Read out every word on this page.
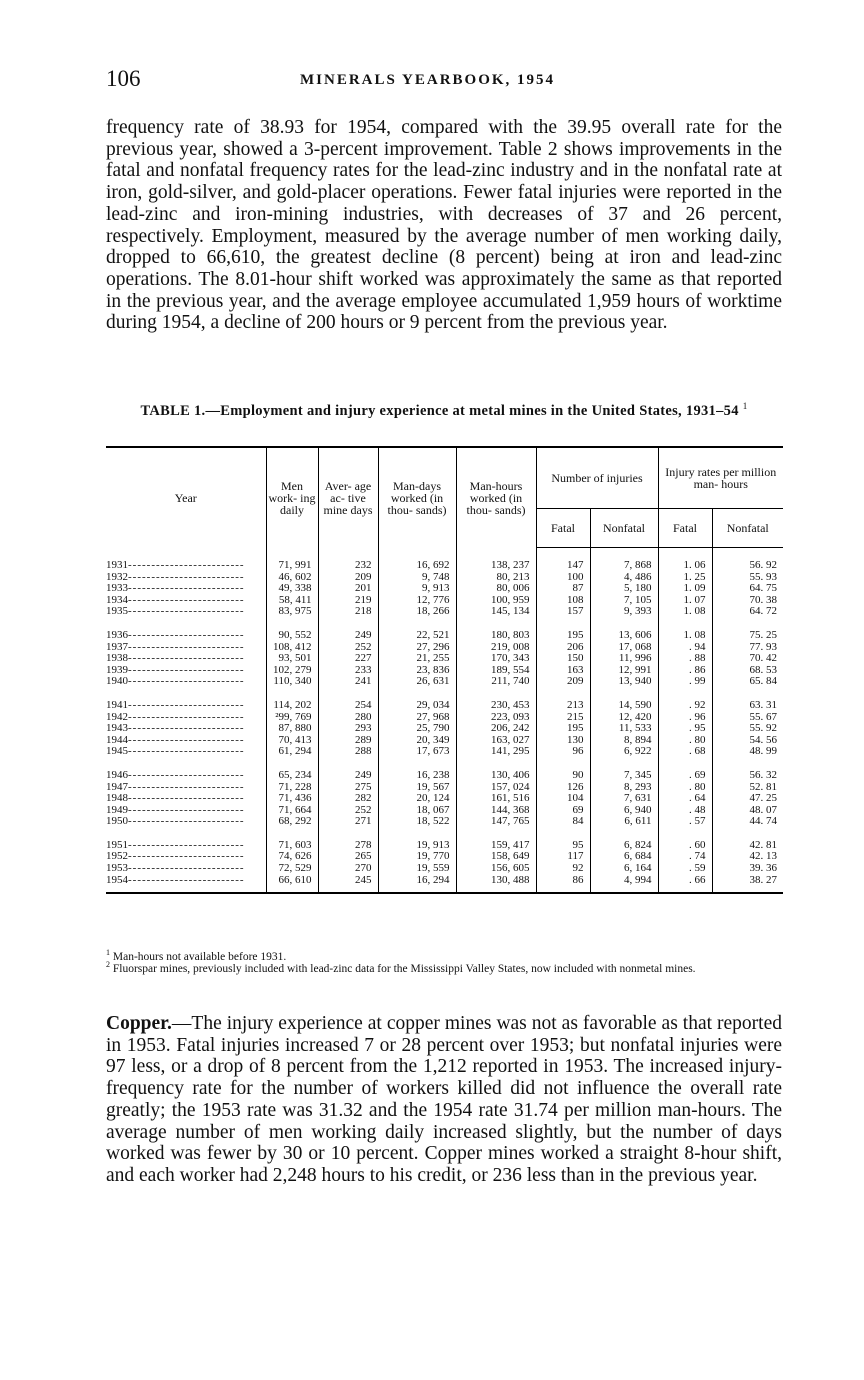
106	MINERALS YEARBOOK, 1954

frequency rate of 38.93 for 1954, compared with the 39.95 overall rate for the previous year, showed a 3-percent improvement. Table 2 shows improvements in the fatal and nonfatal frequency rates for the lead-zinc industry and in the nonfatal rate at iron, gold-silver, and gold-placer operations. Fewer fatal injuries were reported in the lead-zinc and iron-mining industries, with decreases of 37 and 26 percent, respectively. Employment, measured by the average number of men working daily, dropped to 66,610, the greatest decline (8 percent) being at iron and lead-zinc operations. The 8.01-hour shift worked was approximately the same as that reported in the previous year, and the average employee accumulated 1,959 hours of worktime during 1954, a decline of 200 hours or 9 percent from the previous year.

TABLE 1.—Employment and injury experience at metal mines in the United States, 1931–54 $^1$
Year	Men work- ing daily	Aver- age ac- tive mine days	Man-days worked (in thou- sands)	Man-hours worked (in thou- sands)	Number of injuries		Injury rates per million man- hours	
					Fatal	Nonfatal	Fatal	Nonfatal
1931-------------------------	71, 991	232	16, 692	138, 237	147	7, 868	1. 06	56. 92
1932-------------------------	46, 602	209	9, 748	80, 213	100	4, 486	1. 25	55. 93
1933-------------------------	49, 338	201	9, 913	80, 006	87	5, 180	1. 09	64. 75
1934-------------------------	58, 411	219	12, 776	100, 959	108	7, 105	1. 07	70. 38
1935-------------------------	83, 975	218	18, 266	145, 134	157	9, 393	1. 08	64. 72
1936-------------------------	90, 552	249	22, 521	180, 803	195	13, 606	1. 08	75. 25
1937-------------------------	108, 412	252	27, 296	219, 008	206	17, 068	. 94	77. 93
1938-------------------------	93, 501	227	21, 255	170, 343	150	11, 996	. 88	70. 42
1939-------------------------	102, 279	233	23, 836	189, 554	163	12, 991	. 86	68. 53
1940-------------------------	110, 340	241	26, 631	211, 740	209	13, 940	. 99	65. 84
1941-------------------------	114, 202	254	29, 034	230, 453	213	14, 590	. 92	63. 31
1942-------------------------	²99, 769	280	27, 968	223, 093	215	12, 420	. 96	55. 67
1943-------------------------	87, 880	293	25, 790	206, 242	195	11, 533	. 95	55. 92
1944-------------------------	70, 413	289	20, 349	163, 027	130	8, 894	. 80	54. 56
1945-------------------------	61, 294	288	17, 673	141, 295	96	6, 922	. 68	48. 99
1946-------------------------	65, 234	249	16, 238	130, 406	90	7, 345	. 69	56. 32
1947-------------------------	71, 228	275	19, 567	157, 024	126	8, 293	. 80	52. 81
1948-------------------------	71, 436	282	20, 124	161, 516	104	7, 631	. 64	47. 25
1949-------------------------	71, 664	252	18, 067	144, 368	69	6, 940	. 48	48. 07
1950-------------------------	68, 292	271	18, 522	147, 765	84	6, 611	. 57	44. 74
1951-------------------------	71, 603	278	19, 913	159, 417	95	6, 824	. 60	42. 81
1952-------------------------	74, 626	265	19, 770	158, 649	117	6, 684	. 74	42. 13
1953-------------------------	72, 529	270	19, 559	156, 605	92	6, 164	. 59	39. 36
1954-------------------------	66, 610	245	16, 294	130, 488	86	4, 994	. 66	38. 27

$^1$ Man-hours not available before 1931.

$^2$ Fluorspar mines, previously included with lead-zinc data for the Mississippi Valley States, now included with nonmetal mines.

Copper.—The injury experience at copper mines was not as favorable as that reported in 1953. Fatal injuries increased 7 or 28 percent over 1953; but nonfatal injuries were 97 less, or a drop of 8 percent from the 1,212 reported in 1953. The increased injury-frequency rate for the number of workers killed did not influence the overall rate greatly; the 1953 rate was 31.32 and the 1954 rate 31.74 per million man-hours. The average number of men working daily increased slightly, but the number of days worked was fewer by 30 or 10 percent. Copper mines worked a straight 8-hour shift, and each worker had 2,248 hours to his credit, or 236 less than in the previous year.
